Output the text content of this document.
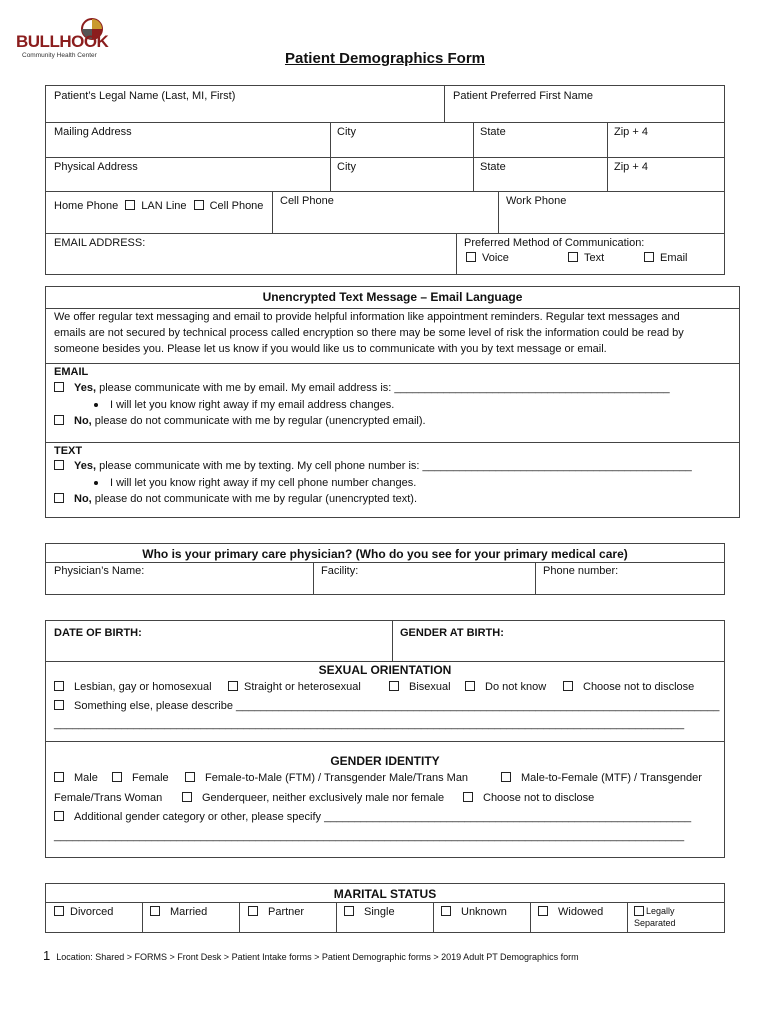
BULLHOOK
Community Health Center	Patient Demographics Form
Patient’s Legal Name (Last, MI, First)	Patient Preferred First Name
Mailing Address	City	State	Zip + 4
Physical Address	City	State	Zip + 4
Home Phone LAN Line Cell Phone	Cell Phone	Work Phone
EMAIL ADDRESS:	Preferred Method of Communication:
Voice	Text	Email
Unencrypted Text Message – Email Language
We offer regular text messaging and email to provide helpful information like appointment reminders. Regular text messages and
emails are not secured by technical process called encryption so there may be some level of risk the information could be read by
someone besides you. Please let us know if you would like us to communicate with you by text message or email.
EMAIL
Yes, please communicate with me by email. My email address is: _____________________________________________
I will let you know right away if my email address changes.
No, please do not communicate with me by regular (unencrypted email).
TEXT
Yes, please communicate with me by texting. My cell phone number is: ____________________________________________
I will let you know right away if my cell phone number changes.
No, please do not communicate with me by regular (unencrypted text).
Who is your primary care physician? (Who do you see for your primary medical care)
Physician’s Name:	Facility:	Phone number:
DATE OF BIRTH:	GENDER AT BIRTH:
SEXUAL ORIENTATION
Lesbian, gay or homosexual	Straight or heterosexual	Bisexual	Do not know	Choose not to disclose
Something else, please describe _______________________________________________________________________________
_______________________________________________________________________________________________________
GENDER IDENTITY
Male	Female	Female-to-Male (FTM) / Transgender Male/Trans Man	Male-to-Female (MTF) / Transgender
Female/Trans Woman	Genderqueer, neither exclusively male nor female	Choose not to disclose
Additional gender category or other, please specify ____________________________________________________________
_______________________________________________________________________________________________________
MARITAL STATUS
Divorced	Married	Partner	Single	Unknown	Widowed	Legally
Separated
1 Location: Shared > FORMS > Front Desk > Patient Intake forms > Patient Demographic forms > 2019 Adult PT Demographics form
